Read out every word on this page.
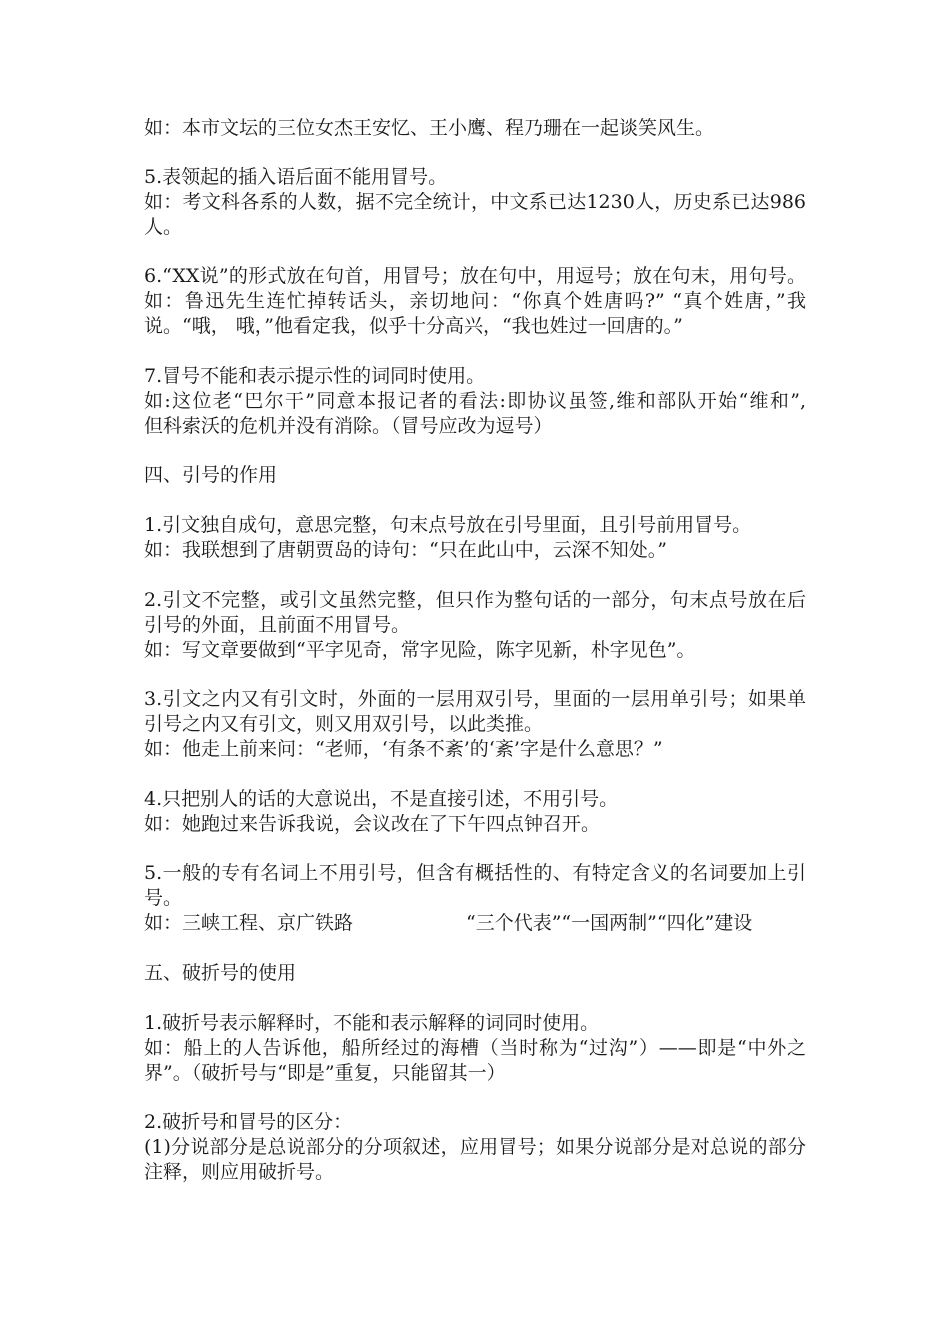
如：本市文坛的三位女杰王安忆、王小鹰、程乃珊在一起谈笑风生。
5.表领起的插入语后面不能用冒号。
如：考文科各系的人数，据不完全统计，中文系已达1230人，历史系已达986
人。
6.“XX说”的形式放在句首，用冒号；放在句中，用逗号；放在句末，用句号。
如：鲁迅先生连忙掉转话头，亲切地问：“你真个姓唐吗?” “真个姓唐，”我
说。“哦， 哦，”他看定我，似乎十分高兴，“我也姓过一回唐的。”
7.冒号不能和表示提示性的词同时使用。
如:这位老“巴尔干”同意本报记者的看法:即协议虽签,维和部队开始“维和”,
但科索沃的危机并没有消除。（冒号应改为逗号）
四、引号的作用
1.引文独自成句，意思完整，句末点号放在引号里面，且引号前用冒号。
如：我联想到了唐朝贾岛的诗句：“只在此山中，云深不知处。”
2.引文不完整，或引文虽然完整，但只作为整句话的一部分，句末点号放在后
引号的外面，且前面不用冒号。
如：写文章要做到“平字见奇，常字见险，陈字见新，朴字见色”。
3.引文之内又有引文时，外面的一层用双引号，里面的一层用单引号；如果单
引号之内又有引文，则又用双引号，以此类推。
如：他走上前来问：“老师，‘有条不紊’的‘紊’字是什么意思？”
4.只把别人的话的大意说出，不是直接引述，不用引号。
如：她跑过来告诉我说，会议改在了下午四点钟召开。
5.一般的专有名词上不用引号，但含有概括性的、有特定含义的名词要加上引
号。
如：三峡工程、京广铁路	“三个代表”“一国两制”“四化”建设
五、破折号的使用
1.破折号表示解释时，不能和表示解释的词同时使用。
如：船上的人告诉他，船所经过的海槽（当时称为“过沟”）——即是“中外之
界”。（破折号与“即是”重复，只能留其一）
2.破折号和冒号的区分：
(1)分说部分是总说部分的分项叙述，应用冒号；如果分说部分是对总说的部分
注释，则应用破折号。
